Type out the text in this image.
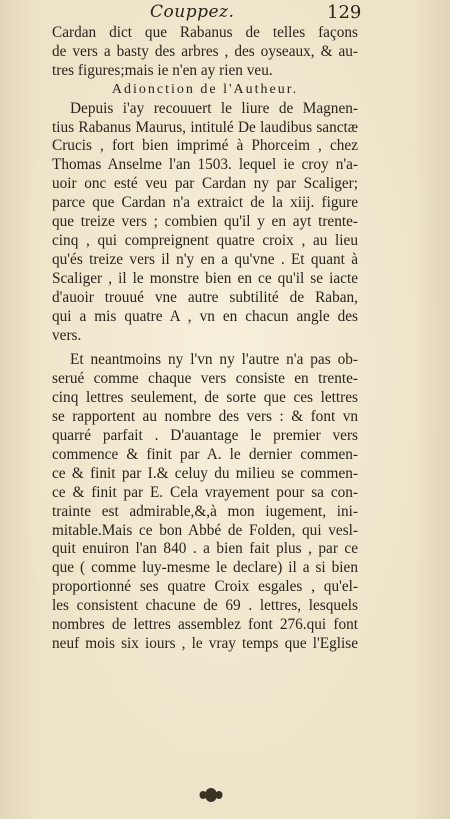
Couppez.	129
Cardan dict que Rabanus de telles façons
de vers a basty des arbres , des oyseaux, & au-
tres figures;mais ie n'en ay rien veu.
Adionction de l'Autheur.
Depuis i'ay recouuert le liure de Magnen-
tius Rabanus Maurus, intitulé De laudibus sanctæ
Crucis , fort bien imprimé à Phorceim , chez
Thomas Anselme l'an 1503. lequel ie croy n'a-
uoir onc esté veu par Cardan ny par Scaliger;
parce que Cardan n'a extraict de la xiij. figure
que treize vers ; combien qu'il y en ayt trente-
cinq , qui compreignent quatre croix , au lieu
qu'és treize vers il n'y en a qu'vne . Et quant à
Scaliger , il le monstre bien en ce qu'il se iacte
d'auoir trouué vne autre subtilité de Raban,
qui a mis quatre A , vn en chacun angle des
vers.
Et neantmoins ny l'vn ny l'autre n'a pas ob-
serué comme chaque vers consiste en trente-
cinq lettres seulement, de sorte que ces lettres
se rapportent au nombre des vers : & font vn
quarré parfait . D'auantage le premier vers
commence & finit par A. le dernier commen-
ce & finit par I.& celuy du milieu se commen-
ce & finit par E. Cela vrayement pour sa con-
trainte est admirable,&,à mon iugement, ini-
mitable.Mais ce bon Abbé de Folden, qui vesl-
quit enuiron l'an 840 . a bien fait plus , par ce
que ( comme luy-mesme le declare) il a si bien
proportionné ses quatre Croix esgales , qu'el-
les consistent chacune de 69 . lettres, lesquels
nombres de lettres assemblez font 276.qui font
neuf mois six iours , le vray temps que l'Eglise
